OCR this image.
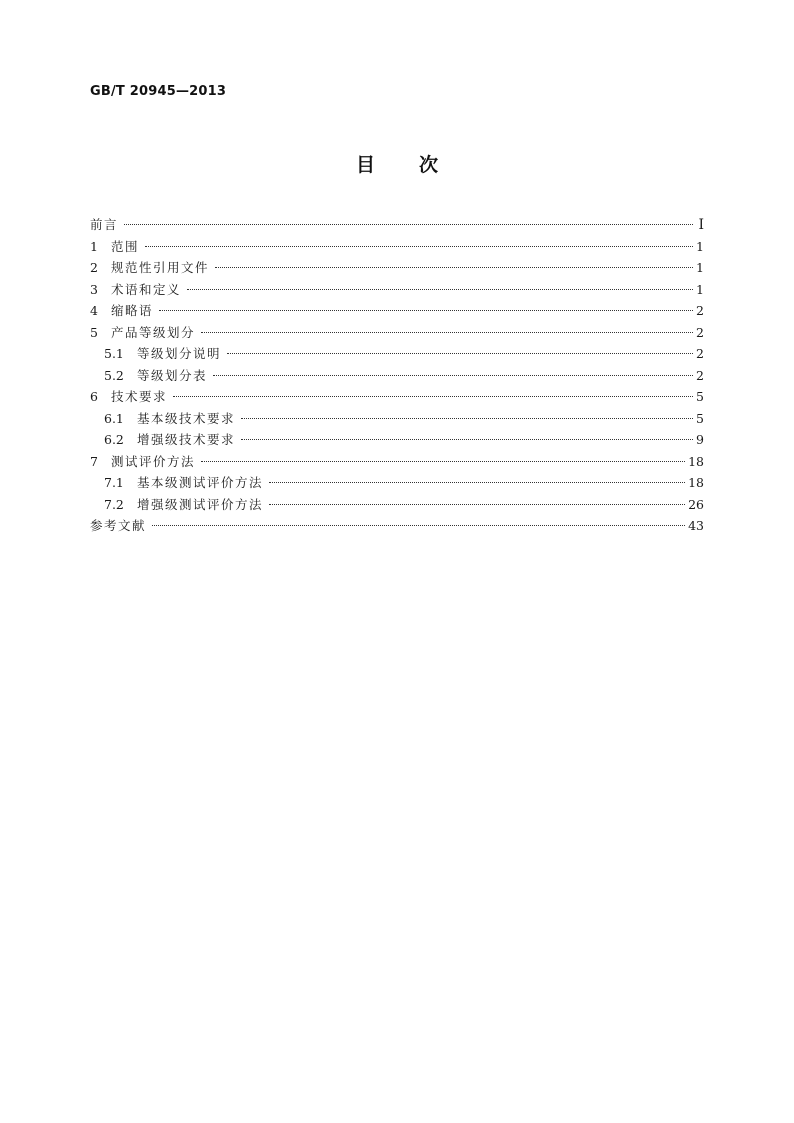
GB/T 20945—2013
目 次
前言	I
1	范围	1
2	规范性引用文件	1
3	术语和定义	1
4	缩略语	2
5	产品等级划分	2
5.1	等级划分说明	2
5.2	等级划分表	2
6	技术要求	5
6.1	基本级技术要求	5
6.2	增强级技术要求	9
7	测试评价方法	18
7.1	基本级测试评价方法	18
7.2	增强级测试评价方法	26
参考文献	43
